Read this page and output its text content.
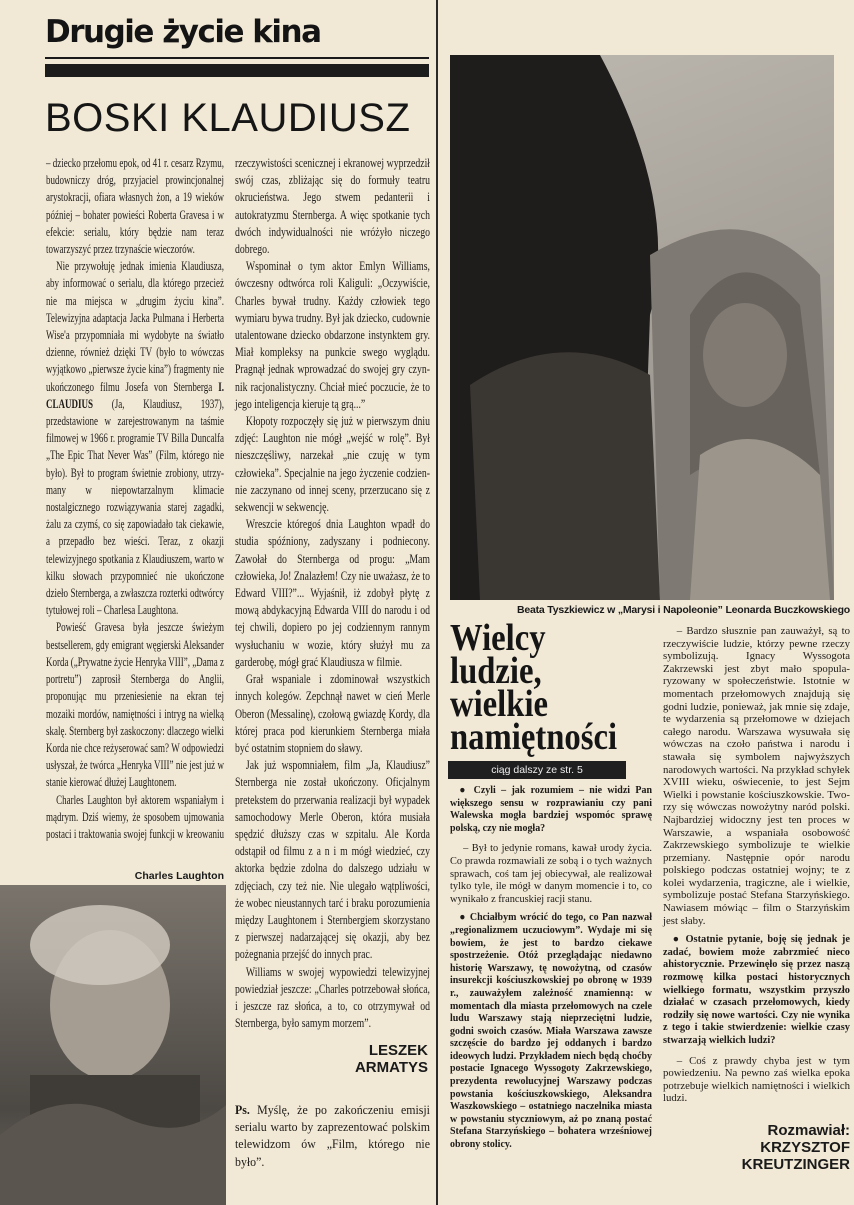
Drugie życie kina
BOSKI KLAUDIUSZ

– dziecko przełomu epok, od 41 r. cesarz Rzymu, budowniczy dróg, przyjaciel prowincjonalnej arystokracji, ofiara własnych żon, a 19 wieków później – bohater powieści Roberta Gravesa i w efekcie: serialu, który będzie nam teraz towarzyszyć przez trzynaście wieczorów.

Nie przywołuję jednak imienia Klaudiusza, aby informować o serialu, dla którego przecież nie ma miejsca w „drugim życiu kina”. Telewizyjna adaptacja Jacka Pulmana i Herberta Wise'a przypomniała mi wydobyte na światło dzienne, również dzięki TV (było to wówczas wyjątkowo „pierwsze życie kina”) fragmenty nie ukończonego filmu Josefa von Sternberga I. CLAUDIUS (Ja, Klaudiusz, 1937), przedstawione w zarejestrowanym na taśmie filmowej w 1966 r. programie TV Billa Duncalfa „The Epic That Never Was” (Film, którego nie było). Był to program świetnie zrobiony, utrzymany w niepowtarzalnym klimacie nostalgicznego rozwiązywania starej zagadki, żalu za czymś, co się zapowiadało tak ciekawie, a przepadło bez wieści. Teraz, z okazji telewizyjnego spotkania z Klaudiuszem, warto w kilku słowach przypomnieć nie ukończone dzieło Sternberga, a zwłaszcza rozterki odtwórcy tytułowej roli – Charlesa Laughtona.

Powieść Gravesa była jeszcze świeżym bestsellerem, gdy emigrant węgierski Aleksander Korda („Prywatne życie Henryka VIII”, „Dama z portretu”) zaprosił Sternberga do Anglii, proponując mu przeniesienie na ekran tej mozaiki mordów, namiętności i intryg na wielką skalę. Sternberg był zaskoczony: dlaczego wielki Korda nie chce reżyserować sam? W odpowiedzi usłyszał, że twórca „Henryka VIII” nie jest już w stanie kierować dłużej Laughtonem.

Charles Laughton był aktorem wspaniałym i mądrym. Dziś wiemy, że sposobem ujmowania postaci i traktowania swojej funkcji w kreowaniu

Charles Laughton

rzeczywistości scenicznej i ekranowej wyprzedził swój czas, zbliżając się do formuły teatru okrucieństwa. Jego stwem pedanterii i autokratyzmu Sternberga. A więc spotkanie tych dwóch indywidualności nie wróżyło niczego dobrego.

Wspominał o tym aktor Emlyn Williams, ówczesny odtwórca roli Kaliguli: „Oczywiście, Charles bywał trudny. Każdy człowiek tego wymiaru bywa trudny. Był jak dziecko, cudownie utalentowane dziecko obdarzone instynktem gry. Miał kompleksy na punkcie swego wyglądu. Pragnął jednak wprowadzać do swojej gry czynnik racjonalistyczny. Chciał mieć poczucie, że to jego inteligencja kieruje tą grą...”

Kłopoty rozpoczęły się już w pierwszym dniu zdjęć: Laughton nie mógł „wejść w rolę”. Był nieszczęśliwy, narzekał „nie czuję w tym człowieka”. Specjalnie na jego życzenie codziennie zaczynano od innej sceny, przerzucano się z sekwencji w sekwencję.

Wreszcie któregoś dnia Laughton wpadł do studia spóźniony, zadyszany i podniecony. Zawołał do Sternberga od progu: „Mam człowieka, Jo! Znalazłem! Czy nie uważasz, że to Edward VIII?”... Wyjaśnił, iż zdobył płytę z mową abdykacyjną Edwarda VIII do narodu i od tej chwili, dopiero po jej codziennym rannym wysłuchaniu w wozie, który służył mu za garderobę, mógł grać Klaudiusza w filmie.

Grał wspaniale i zdominował wszystkich innych kolegów. Zepchnął nawet w cień Merle Oberon (Messalinę), czołową gwiazdę Kordy, dla której praca pod kierunkiem Sternberga miała być ostatnim stopniem do sławy.

Jak już wspomniałem, film „Ja, Klaudiusz” Sternberga nie został ukończony. Oficjalnym pretekstem do przerwania realizacji był wypadek samochodowy Merle Oberon, która musiała spędzić dłuższy czas w szpitalu. Ale Korda odstąpił od filmu z a n i m mógł wiedzieć, czy aktorka będzie zdolna do dalszego udziału w zdjęciach, czy też nie. Nie ulegało wątpliwości, że wobec nieustannych tarć i braku porozumienia między Laughtonem i Sternbergiem skorzystano z pierwszej nadarzającej się okazji, aby bez pożegnania przejść do innych prac.

Williams w swojej wypowiedzi telewizyjnej powiedział jeszcze: „Charles potrzebował słońca, i jeszcze raz słońca, a to, co otrzymywał od Sternberga, było samym morzem”.

LESZEK
ARMATYS

Ps. Myślę, że po zakończeniu emisji serialu warto by zaprezentować polskim telewidzom ów „Film, którego nie było”.

Beata Tyszkiewicz w „Marysi i Napoleonie” Leonarda Buczkowskiego
Wielcy
ludzie,
wielkie
namiętności
ciąg dalszy ze str. 5

● Czyli – jak rozumiem – nie widzi Pan większego sensu w rozprawianiu czy pani Walewska mogła bardziej wspomóc sprawę polską, czy nie mogła?

– Był to jedynie romans, kawał urody życia. Co prawda rozmawiali ze sobą i o tych ważnych sprawach, coś tam jej obiecywał, ale realizował tylko tyle, ile mógł w danym momencie i to, co wynikało z francuskiej racji stanu.

● Chciałbym wrócić do tego, co Pan nazwał „regionalizmem uczuciowym”. Wydaje mi się bowiem, że jest to bardzo ciekawe spostrzeżenie. Otóż przeglądając niedawno historię Warszawy, tę nowożytną, od czasów insurekcji kościuszkowskiej po obronę w 1939 r., zauważyłem zależność znamienną: w momentach dla miasta przełomowych na czele ludu Warszawy stają nieprzeciętni ludzie, godni swoich czasów. Miała Warszawa zawsze szczęście do bardzo jej oddanych i bardzo ideowych ludzi. Przykładem niech będą choćby postacie Ignacego Wyssogoty Zakrzewskiego, prezydenta rewolucyjnej Warszawy podczas powstania kościuszkowskiego, Aleksandra Waszkowskiego – ostatniego naczelnika miasta w powstaniu styczniowym, aż po znaną postać Stefana Starzyńskiego – bohatera wrześniowej obrony stolicy.

– Bardzo słusznie pan zauważył, są to rzeczywiście ludzie, którzy pewne rzeczy symbolizują. Ignacy Wyssogota Zakrzewski jest zbyt mało spopularyzowany w społeczeństwie. Istotnie w momentach przełomowych znajdują się godni ludzie, ponieważ, jak mnie się zdaje, te wydarzenia są przełomowe w dziejach całego narodu. Warszawa wysuwała się wówczas na czoło państwa i narodu i stawała się symbolem najwyższych narodowych wartości. Na przykład schyłek XVIII wieku, oświecenie, to jest Sejm Wielki i powstanie kościuszkowskie. Tworzy się wówczas nowożytny naród polski. Najbardziej widoczny jest ten proces w Warszawie, a wspaniała osobowość Zakrzewskiego symbolizuje te wielkie przemiany. Następnie opór narodu polskiego podczas ostatniej wojny; te z kolei wydarzenia, tragiczne, ale i wielkie, symbolizuje postać Stefana Starzyńskiego. Nawiasem mówiąc – film o Starzyńskim jest słaby.

● Ostatnie pytanie, boję się jednak je zadać, bowiem może zabrzmieć nieco ahistorycznie. Przewinęło się przez naszą rozmowę kilka postaci historycznych wielkiego formatu, wszystkim przyszło działać w czasach przełomowych, kiedy rodziły się nowe wartości. Czy nie wynika z tego i takie stwierdzenie: wielkie czasy stwarzają wielkich ludzi?

– Coś z prawdy chyba jest w tym powiedzeniu. Na pewno zaś wielka epoka potrzebuje wielkich namiętności i wielkich ludzi.

Rozmawiał:
KRZYSZTOF
KREUTZINGER
